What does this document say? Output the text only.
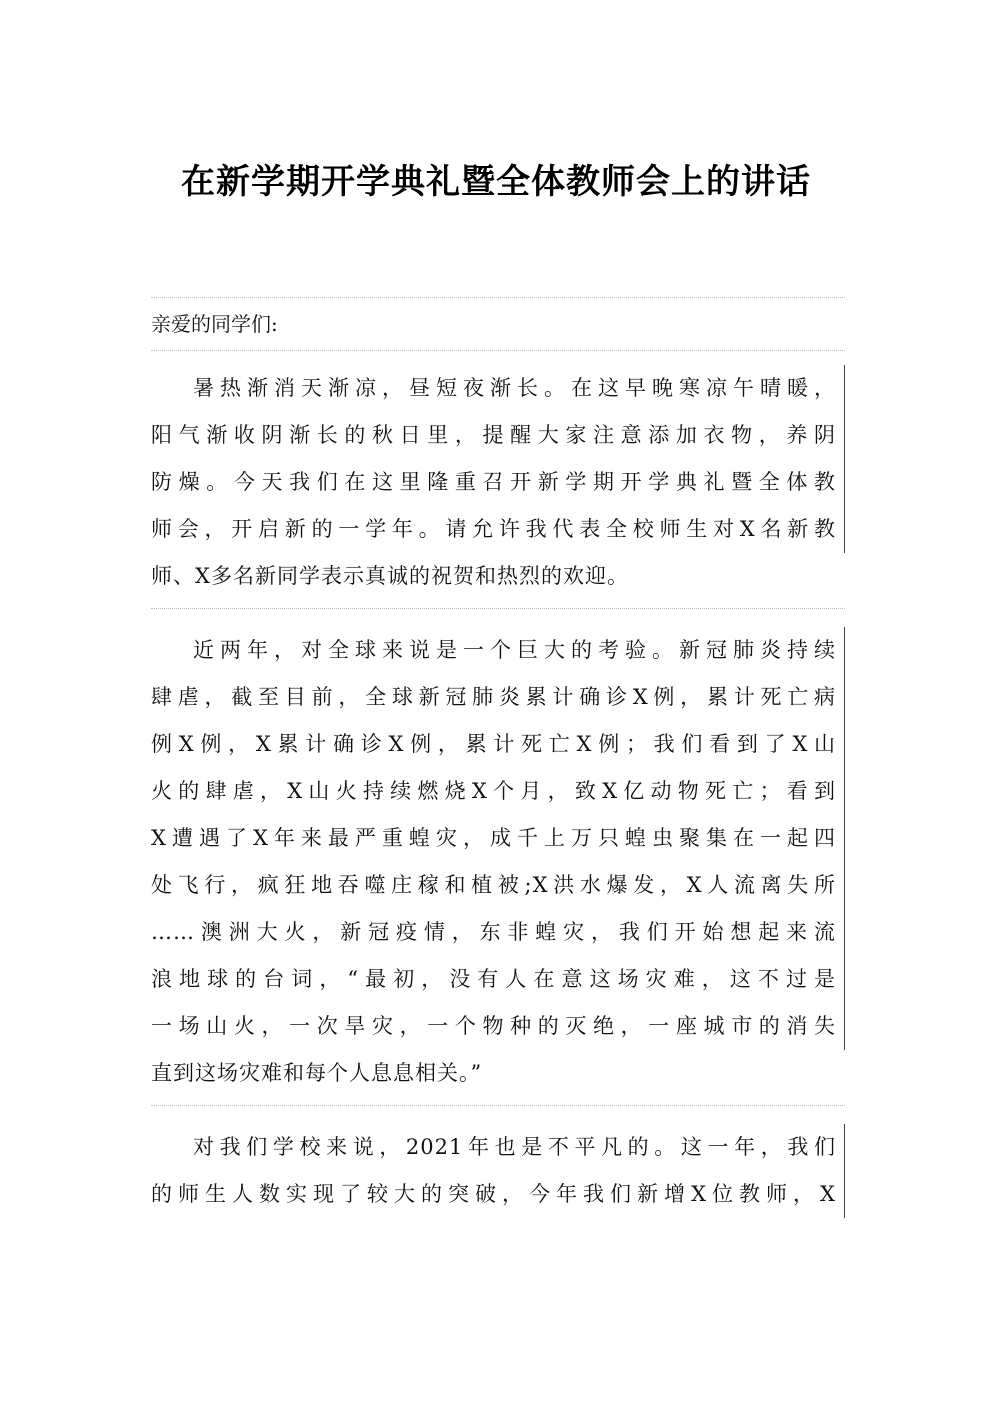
在新学期开学典礼暨全体教师会上的讲话
亲爱的同学们:
暑热渐消天渐凉，昼短夜渐长。在这早晚寒凉午晴暖，
阳气渐收阴渐长的秋日里，提醒大家注意添加衣物，养阴
防燥。今天我们在这里隆重召开新学期开学典礼暨全体教
师会，开启新的一学年。请允许我代表全校师生对X名新教
师、X多名新同学表示真诚的祝贺和热烈的欢迎。
近两年，对全球来说是一个巨大的考验。新冠肺炎持续
肆虐，截至目前，全球新冠肺炎累计确诊X例，累计死亡病
例X例，X累计确诊X例，累计死亡X例；我们看到了X山
火的肆虐，X山火持续燃烧X个月，致X亿动物死亡；看到
X遭遇了X年来最严重蝗灾，成千上万只蝗虫聚集在一起四
处飞行，疯狂地吞噬庄稼和植被;X洪水爆发，X人流离失所
……澳洲大火，新冠疫情，东非蝗灾，我们开始想起来流
浪地球的台词，“最初，没有人在意这场灾难，这不过是
一场山火，一次旱灾，一个物种的灭绝，一座城市的消失
直到这场灾难和每个人息息相关。”
对我们学校来说，2021年也是不平凡的。这一年，我们
的师生人数实现了较大的突破，今年我们新增X位教师，X
